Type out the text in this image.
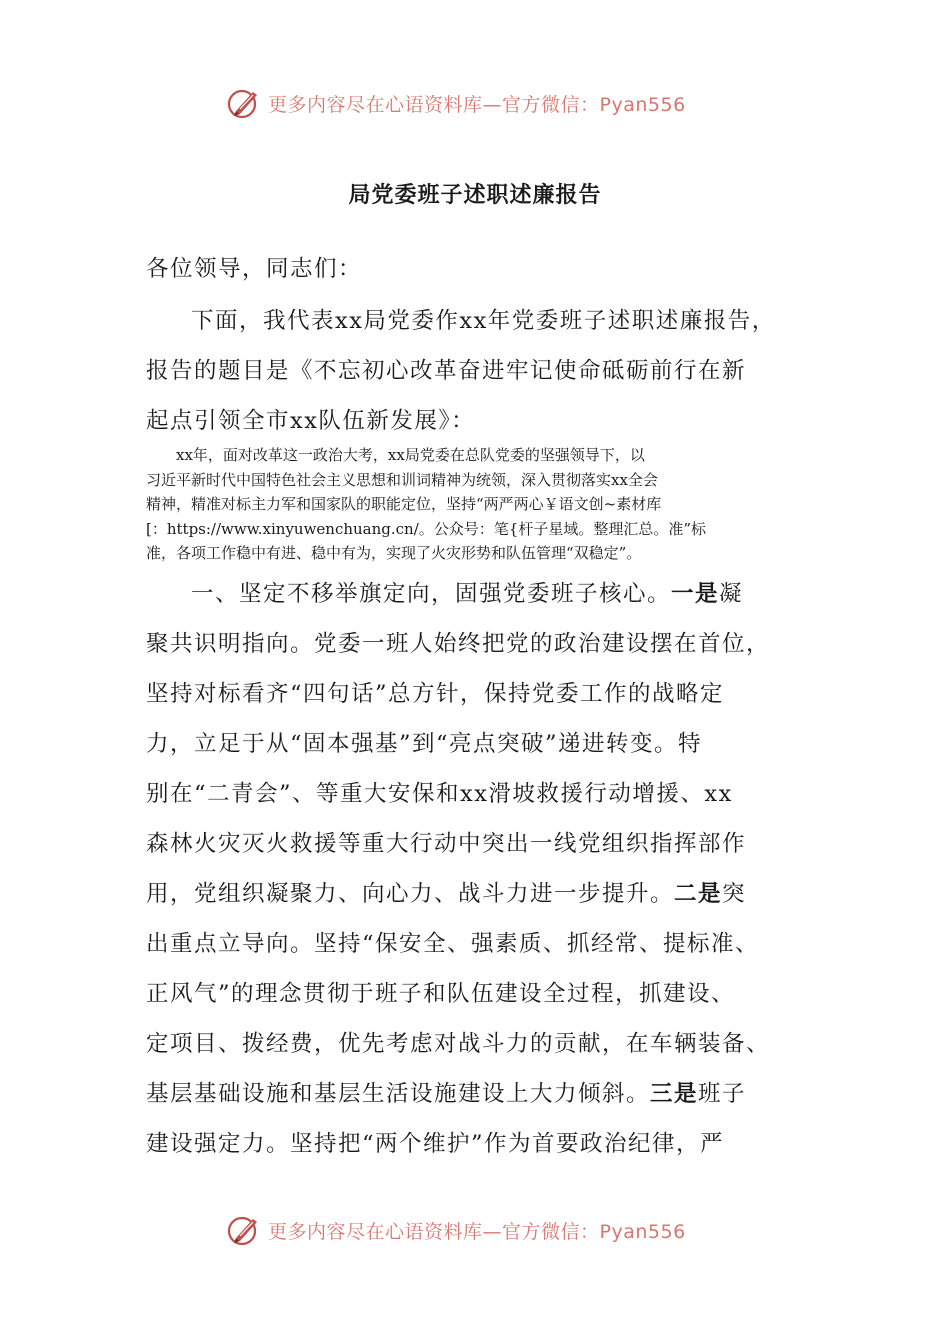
更多内容尽在心语资料库—官方微信：Pyan556
局党委班子述职述廉报告

各位领导，同志们：

下面，我代表xx局党委作xx年党委班子述职述廉报告，
报告的题目是《不忘初心改革奋进牢记使命砥砺前行在新
起点引领全市xx队伍新发展》：

xx年，面对改革这一政治大考，xx局党委在总队党委的坚强领导下，以
习近平新时代中国特色社会主义思想和训词精神为统领，深入贯彻落实xx全会
精神，精准对标主力军和国家队的职能定位，坚持“两严两心￥语文创~素材库
[：https://www.xinyuwenchuang.cn/。公众号：笔{杆子星域。整理汇总。准”标
准，各项工作稳中有进、稳中有为，实现了火灾形势和队伍管理“双稳定”。

一、坚定不移举旗定向，固强党委班子核心。一是凝
聚共识明指向。党委一班人始终把党的政治建设摆在首位，
坚持对标看齐“四句话”总方针，保持党委工作的战略定
力，立足于从“固本强基”到“亮点突破”递进转变。特
别在“二青会”、等重大安保和xx滑坡救援行动增援、xx
森林火灾灭火救援等重大行动中突出一线党组织指挥部作
用，党组织凝聚力、向心力、战斗力进一步提升。二是突
出重点立导向。坚持“保安全、强素质、抓经常、提标准、
正风气”的理念贯彻于班子和队伍建设全过程，抓建设、
定项目、拨经费，优先考虑对战斗力的贡献，在车辆装备、
基层基础设施和基层生活设施建设上大力倾斜。三是班子
建设强定力。坚持把“两个维护”作为首要政治纪律，严

更多内容尽在心语资料库—官方微信：Pyan556
